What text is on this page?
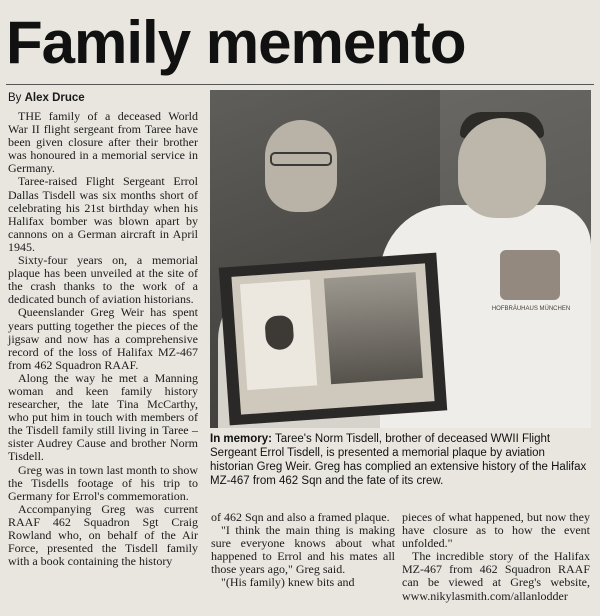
Family memento
By Alex Druce

THE family of a deceased World War II flight sergeant from Taree have been given closure after their brother was honoured in a memorial service in Germany.

Taree-raised Flight Sergeant Errol Dallas Tisdell was six months short of celebrating his 21st birthday when his Halifax bomber was blown apart by cannons on a German aircraft in April 1945.

Sixty-four years on, a memorial plaque has been unveiled at the site of the crash thanks to the work of a dedicated bunch of aviation historians.

Queenslander Greg Weir has spent years putting together the pieces of the jigsaw and now has a comprehensive record of the loss of Halifax MZ-467 from 462 Squadron RAAF.

Along the way he met a Manning woman and keen family history researcher, the late Tina McCarthy, who put him in touch with members of the Tisdell family still living in Taree – sister Audrey Cause and brother Norm Tisdell.

Greg was in town last month to show the Tisdells footage of his trip to Germany for Errol's commemoration.

Accompanying Greg was current RAAF 462 Squadron Sgt Craig Rowland who, on behalf of the Air Force, presented the Tisdell family with a book containing the history

HOFBRÄUHAUS MÜNCHEN
In memory: Taree's Norm Tisdell, brother of deceased WWII Flight Sergeant Errol Tisdell, is presented a memorial plaque by aviation historian Greg Weir. Greg has complied an extensive history of the Halifax MZ-467 from 462 Sqn and the fate of its crew.

of 462 Sqn and also a framed plaque.

"I think the main thing is making sure everyone knows about what happened to Errol and his mates all those years ago," Greg said.

"(His family) knew bits and

pieces of what happened, but now they have closure as to how the event unfolded."

The incredible story of the Halifax MZ-467 from 462 Squadron RAAF can be viewed at Greg's website, www.nikylasmith.com/allanlodder
